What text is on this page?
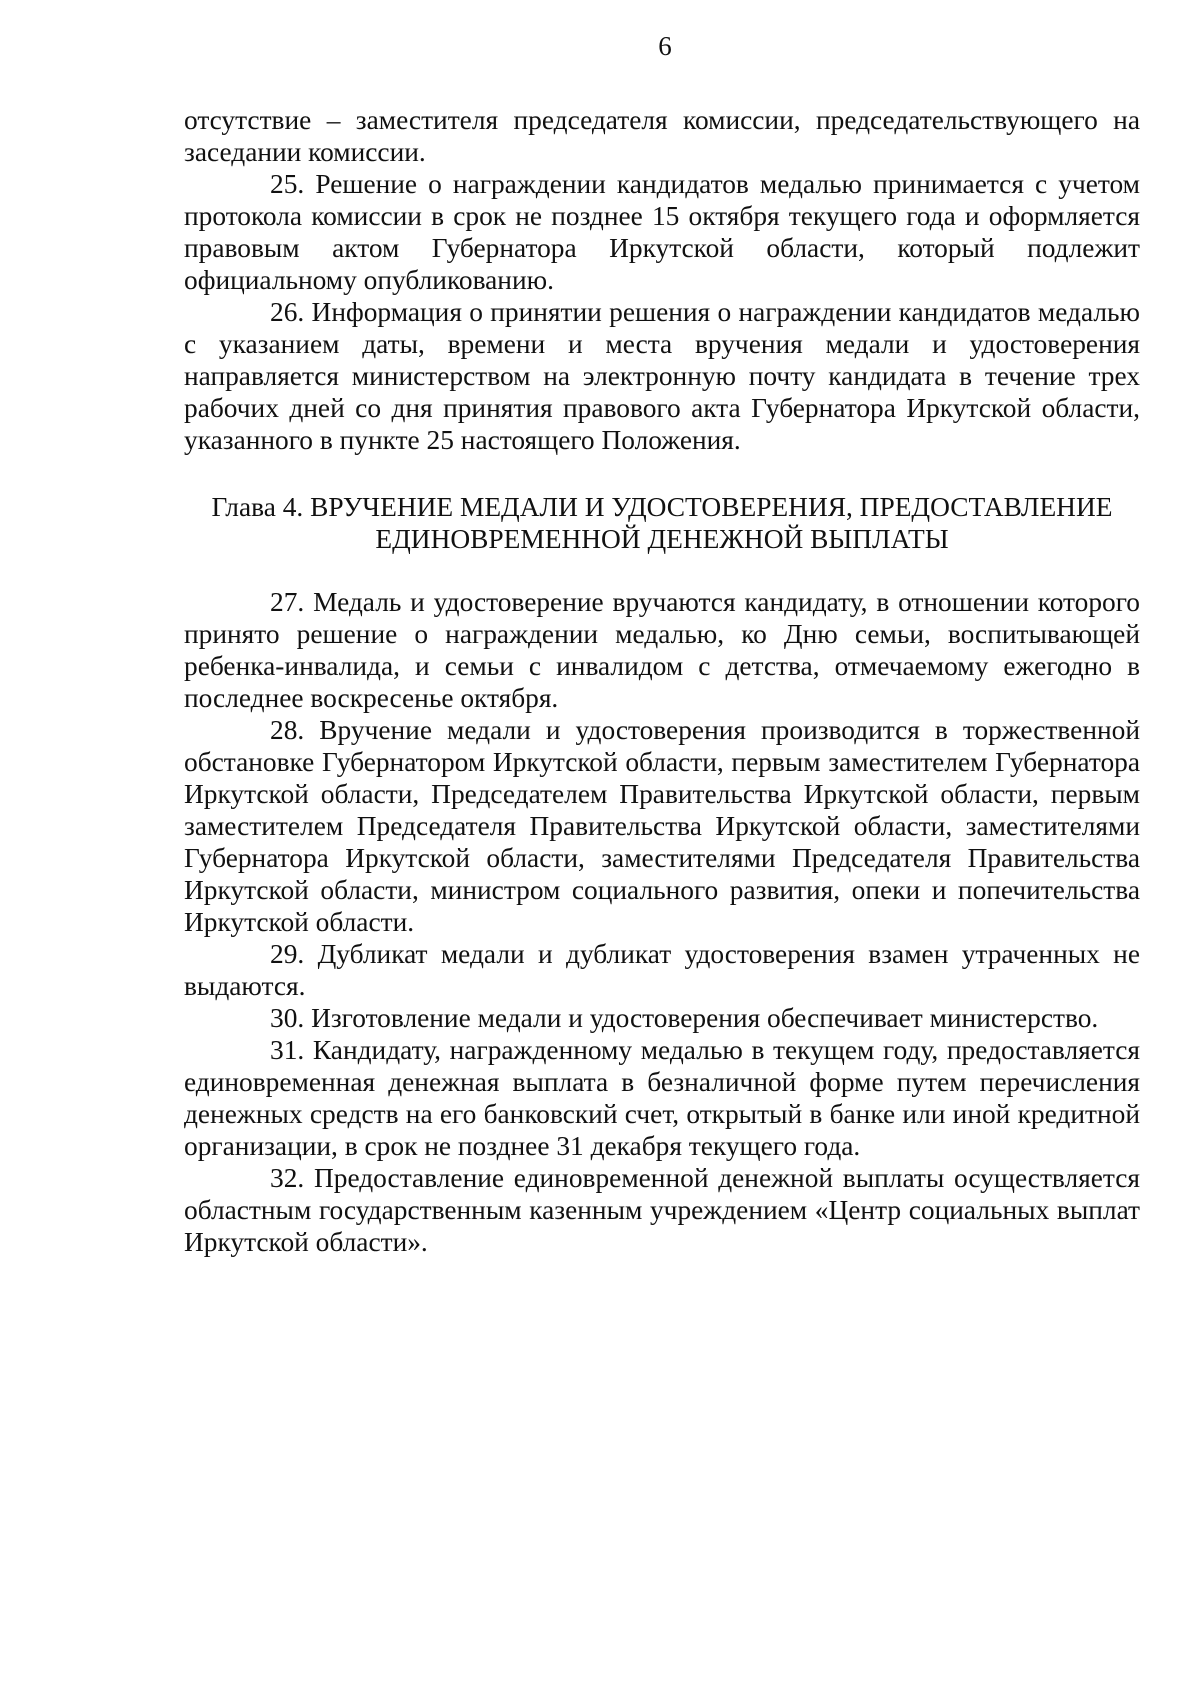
6

отсутствие – заместителя председателя комиссии, председательствующего на заседании комиссии.

25. Решение о награждении кандидатов медалью принимается с учетом протокола комиссии в срок не позднее 15 октября текущего года и оформляется правовым актом Губернатора Иркутской области, который подлежит официальному опубликованию.

26. Информация о принятии решения о награждении кандидатов медалью с указанием даты, времени и места вручения медали и удостоверения направляется министерством на электронную почту кандидата в течение трех рабочих дней со дня принятия правового акта Губернатора Иркутской области, указанного в пункте 25 настоящего Положения.

Глава 4. ВРУЧЕНИЕ МЕДАЛИ И УДОСТОВЕРЕНИЯ, ПРЕДОСТАВЛЕНИЕ
ЕДИНОВРЕМЕННОЙ ДЕНЕЖНОЙ ВЫПЛАТЫ

27. Медаль и удостоверение вручаются кандидату, в отношении которого принято решение о награждении медалью, ко Дню семьи, воспитывающей ребенка-инвалида, и семьи с инвалидом с детства, отмечаемому ежегодно в последнее воскресенье октября.

28. Вручение медали и удостоверения производится в торжественной обстановке Губернатором Иркутской области, первым заместителем Губернатора Иркутской области, Председателем Правительства Иркутской области, первым заместителем Председателя Правительства Иркутской области, заместителями Губернатора Иркутской области, заместителями Председателя Правительства Иркутской области, министром социального развития, опеки и попечительства Иркутской области.

29. Дубликат медали и дубликат удостоверения взамен утраченных не выдаются.

30. Изготовление медали и удостоверения обеспечивает министерство.

31. Кандидату, награжденному медалью в текущем году, предоставляется единовременная денежная выплата в безналичной форме путем перечисления денежных средств на его банковский счет, открытый в банке или иной кредитной организации, в срок не позднее 31 декабря текущего года.

32. Предоставление единовременной денежной выплаты осуществляется областным государственным казенным учреждением «Центр социальных выплат Иркутской области».
